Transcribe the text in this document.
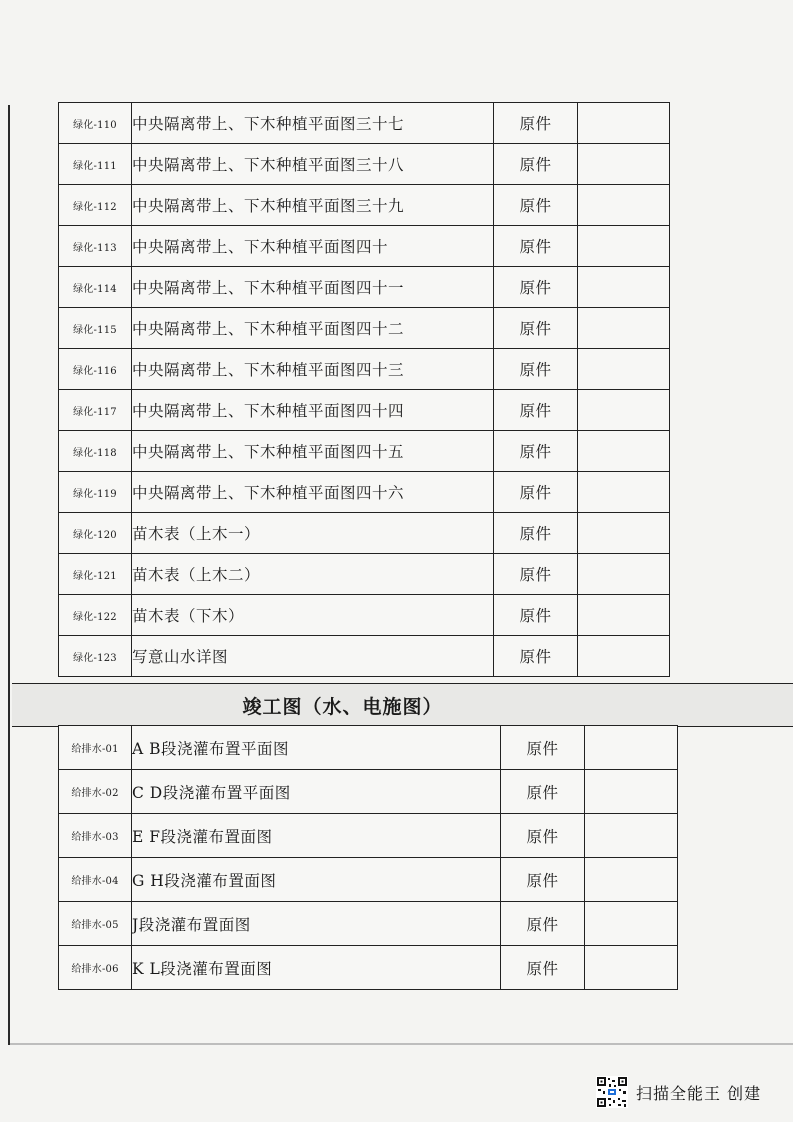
绿化-110	中央隔离带上、下木种植平面图三十七	原件	
绿化-111	中央隔离带上、下木种植平面图三十八	原件	
绿化-112	中央隔离带上、下木种植平面图三十九	原件	
绿化-113	中央隔离带上、下木种植平面图四十	原件	
绿化-114	中央隔离带上、下木种植平面图四十一	原件	
绿化-115	中央隔离带上、下木种植平面图四十二	原件	
绿化-116	中央隔离带上、下木种植平面图四十三	原件	
绿化-117	中央隔离带上、下木种植平面图四十四	原件	
绿化-118	中央隔离带上、下木种植平面图四十五	原件	
绿化-119	中央隔离带上、下木种植平面图四十六	原件	
绿化-120	苗木表（上木一）	原件	
绿化-121	苗木表（上木二）	原件	
绿化-122	苗木表（下木）	原件	
绿化-123	写意山水详图	原件	
竣工图（水、电施图）
给排水-01	A B段浇灌布置平面图	原件	
给排水-02	C D段浇灌布置平面图	原件	
给排水-03	E F段浇灌布置面图	原件	
给排水-04	G H段浇灌布置面图	原件	
给排水-05	J段浇灌布置面图	原件	
给排水-06	K L段浇灌布置面图	原件	
扫描全能王 创建
